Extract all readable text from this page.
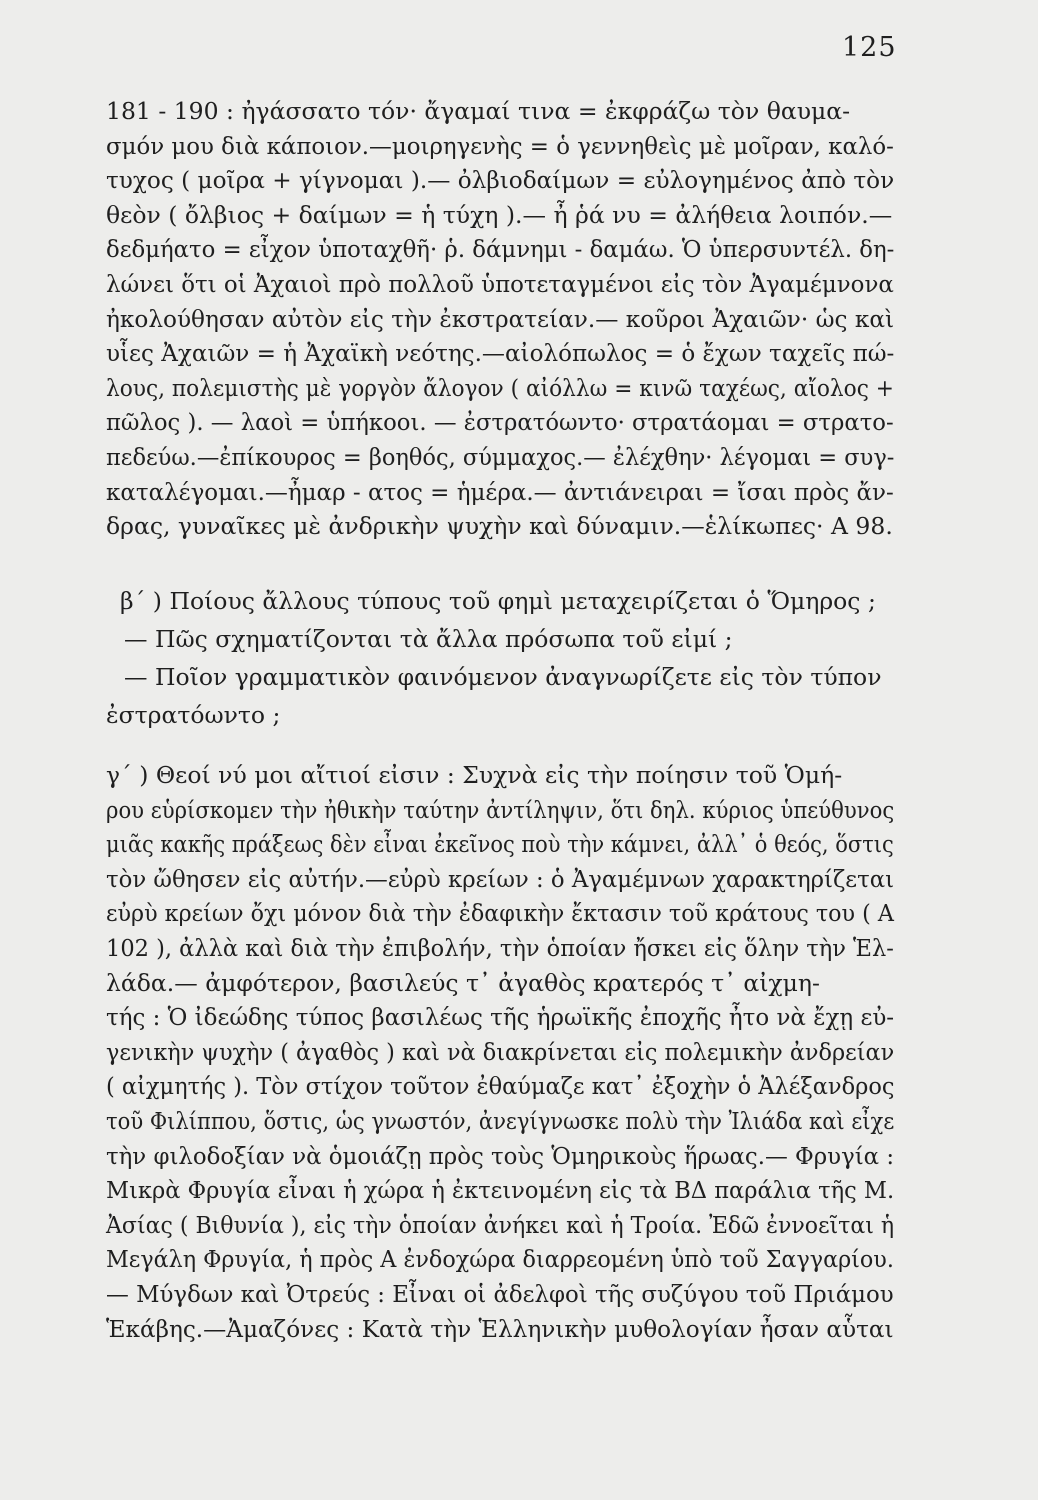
125
181 - 190 : ἠγάσσατο τόν· ἄγαμαί τινα = ἐκφράζω τὸν θαυμα-
σμόν μου διὰ κάποιον.—μοιρηγενὴς = ὁ γεννηθεὶς μὲ μοῖραν, καλό-
τυχος ( μοῖρα + γίγνομαι ).— ὀλβιοδαίμων = εὐλογημένος ἀπὸ τὸν
θεὸν ( ὄλβιος + δαίμων = ἡ τύχη ).— ἦ ῥά νυ = ἀλήθεια λοιπόν.—
δεδμήατο = εἶχον ὑποταχθῆ· ῥ. δάμνημι - δαμάω. Ὁ ὑπερσυντέλ. δη-
λώνει ὅτι οἱ Ἀχαιοὶ πρὸ πολλοῦ ὑποτεταγμένοι εἰς τὸν Ἀγαμέμνονα
ἠκολούθησαν αὐτὸν εἰς τὴν ἐκστρατείαν.— κοῦροι Ἀχαιῶν· ὡς καὶ
υἷες Ἀχαιῶν = ἡ Ἀχαϊκὴ νεότης.—αἰολόπωλος = ὁ ἔχων ταχεῖς πώ-
λους, πολεμιστὴς μὲ γοργὸν ἄλογον ( αἰόλλω = κινῶ ταχέως, αἴολος +
πῶλος ). — λαοὶ = ὑπήκοοι. — ἐστρατόωντο· στρατάομαι = στρατο-
πεδεύω.—ἐπίκουρος = βοηθός, σύμμαχος.— ἐλέχθην· λέγομαι = συγ-
καταλέγομαι.—ἦμαρ - ατος = ἡμέρα.— ἀντιάνειραι = ἴσαι πρὸς ἄν-
δρας, γυναῖκες μὲ ἀνδρικὴν ψυχὴν καὶ δύναμιν.—ἑλίκωπες· Α 98.
β΄ ) Ποίους ἄλλους τύπους τοῦ φημὶ μεταχειρίζεται ὁ Ὅμηρος ;
— Πῶς σχηματίζονται τὰ ἄλλα πρόσωπα τοῦ εἰμί ;
— Ποῖον γραμματικὸν φαινόμενον ἀναγνωρίζετε εἰς τὸν τύπον
ἐστρατόωντο ;
γ΄ ) Θεοί νύ μοι αἴτιοί εἰσιν : Συχνὰ εἰς τὴν ποίησιν τοῦ Ὁμή-
ρου εὑρίσκομεν τὴν ἠθικὴν ταύτην ἀντίληψιν, ὅτι δηλ. κύριος ὑπεύθυνος
μιᾶς κακῆς πράξεως δὲν εἶναι ἐκεῖνος ποὺ τὴν κάμνει, ἀλλ᾽ ὁ θεός, ὅστις
τὸν ὤθησεν εἰς αὐτήν.—εὐρὺ κρείων : ὁ Ἀγαμέμνων χαρακτηρίζεται
εὐρὺ κρείων ὄχι μόνον διὰ τὴν ἐδαφικὴν ἔκτασιν τοῦ κράτους του ( Α
102 ), ἀλλὰ καὶ διὰ τὴν ἐπιβολήν, τὴν ὁποίαν ἤσκει εἰς ὅλην τὴν Ἑλ-
λάδα.— ἀμφότερον, βασιλεύς τ᾽ ἀγαθὸς κρατερός τ᾽ αἰχμη-
τής : Ὁ ἰδεώδης τύπος βασιλέως τῆς ἡρωϊκῆς ἐποχῆς ἦτο νὰ ἔχῃ εὐ-
γενικὴν ψυχὴν ( ἀγαθὸς ) καὶ νὰ διακρίνεται εἰς πολεμικὴν ἀνδρείαν
( αἰχμητής ). Τὸν στίχον τοῦτον ἐθαύμαζε κατ᾽ ἐξοχὴν ὁ Ἀλέξανδρος
τοῦ Φιλίππου, ὅστις, ὡς γνωστόν, ἀνεγίγνωσκε πολὺ τὴν Ἰλιάδα καὶ εἶχε
τὴν φιλοδοξίαν νὰ ὁμοιάζῃ πρὸς τοὺς Ὁμηρικοὺς ἥρωας.— Φρυγία :
Μικρὰ Φρυγία εἶναι ἡ χώρα ἡ ἐκτεινομένη εἰς τὰ ΒΔ παράλια τῆς Μ.
Ἀσίας ( Βιθυνία ), εἰς τὴν ὁποίαν ἀνήκει καὶ ἡ Τροία. Ἐδῶ ἐννοεῖται ἡ
Μεγάλη Φρυγία, ἡ πρὸς Α ἐνδοχώρα διαρρεομένη ὑπὸ τοῦ Σαγγαρίου.
— Μύγδων καὶ Ὀτρεύς : Εἶναι οἱ ἀδελφοὶ τῆς συζύγου τοῦ Πριάμου
Ἑκάβης.—Ἀμαζόνες : Κατὰ τὴν Ἑλληνικὴν μυθολογίαν ἦσαν αὗται
